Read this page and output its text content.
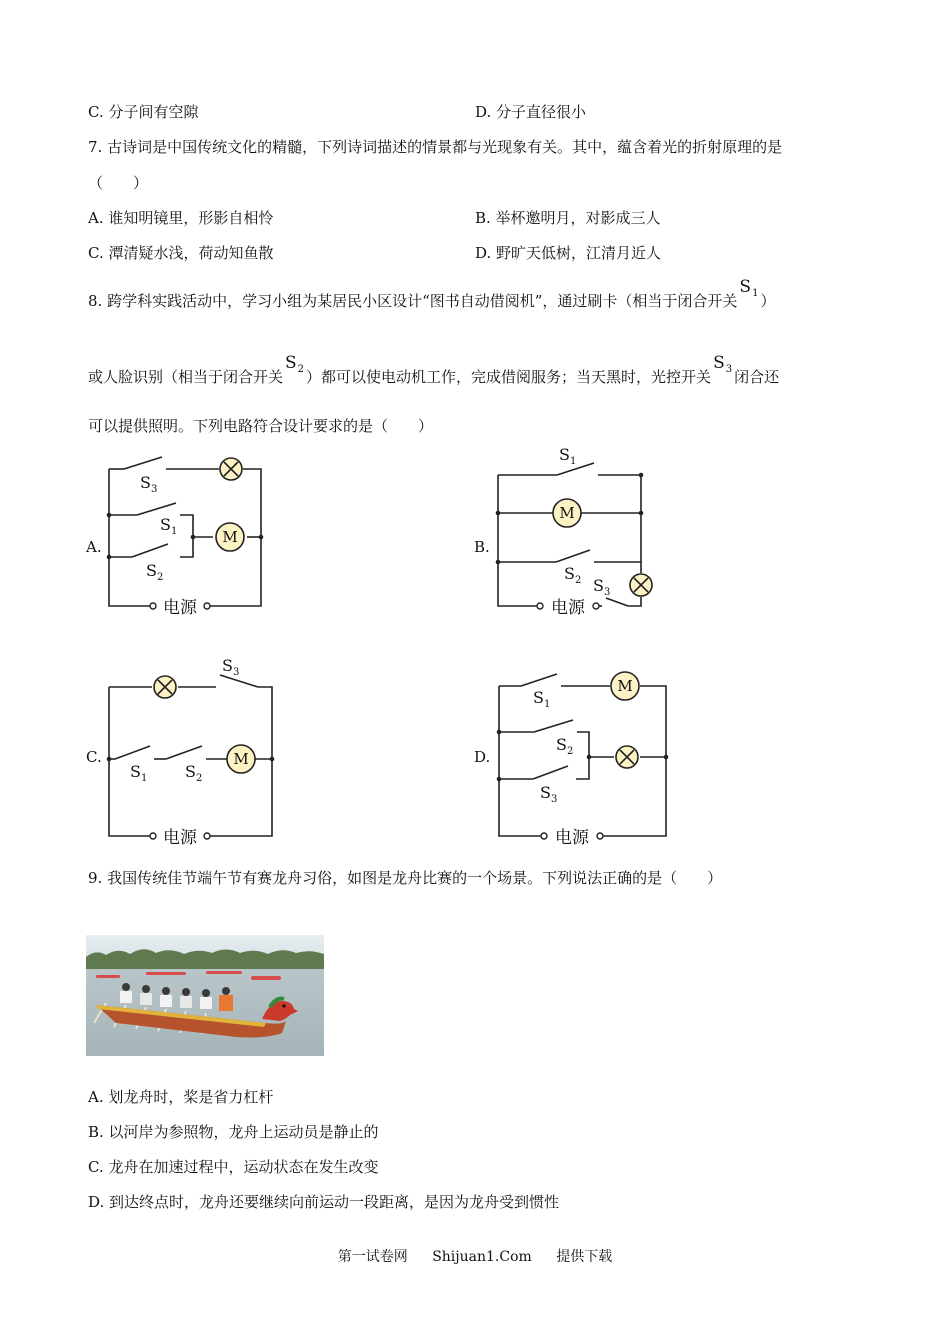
C. 分子间有空隙	D. 分子直径很小
7. 古诗词是中国传统文化的精髓，下列诗词描述的情景都与光现象有关。其中，蕴含着光的折射原理的是
（　　）
A. 谁知明镜里，形影自相怜	B. 举杯邀明月，对影成三人
C. 潭清疑水浅，荷动知鱼散	D. 野旷天低树，江清月近人
8. 跨学科实践活动中，学习小组为某居民小区设计“图书自动借阅机”，通过刷卡（相当于闭合开关$S_1$ ）
或人脸识别（相当于闭合开关$S_2$ ）都可以使电动机工作，完成借阅服务；当天黑时，光控开关$S_3$ 闭合还
可以提供照明。下列电路符合设计要求的是（　　）
M
M
M
M
电源	电源
电源	电源
A.	B.
C.	D.
$S_3$
$S_1$
$S_2$
$S_1$
$S_2$ $S_3$
$S_3$
$S_1$ $S_2$
$S_1$
$S_2$
$S_3$
9. 我国传统佳节端午节有赛龙舟习俗，如图是龙舟比赛的一个场景。下列说法正确的是（　　）
A. 划龙舟时，桨是省力杠杆
B. 以河岸为参照物，龙舟上运动员是静止的
C. 龙舟在加速过程中，运动状态在发生改变
D. 到达终点时，龙舟还要继续向前运动一段距离，是因为龙舟受到惯性
第一试卷网 Shijuan1.Com 提供下载
